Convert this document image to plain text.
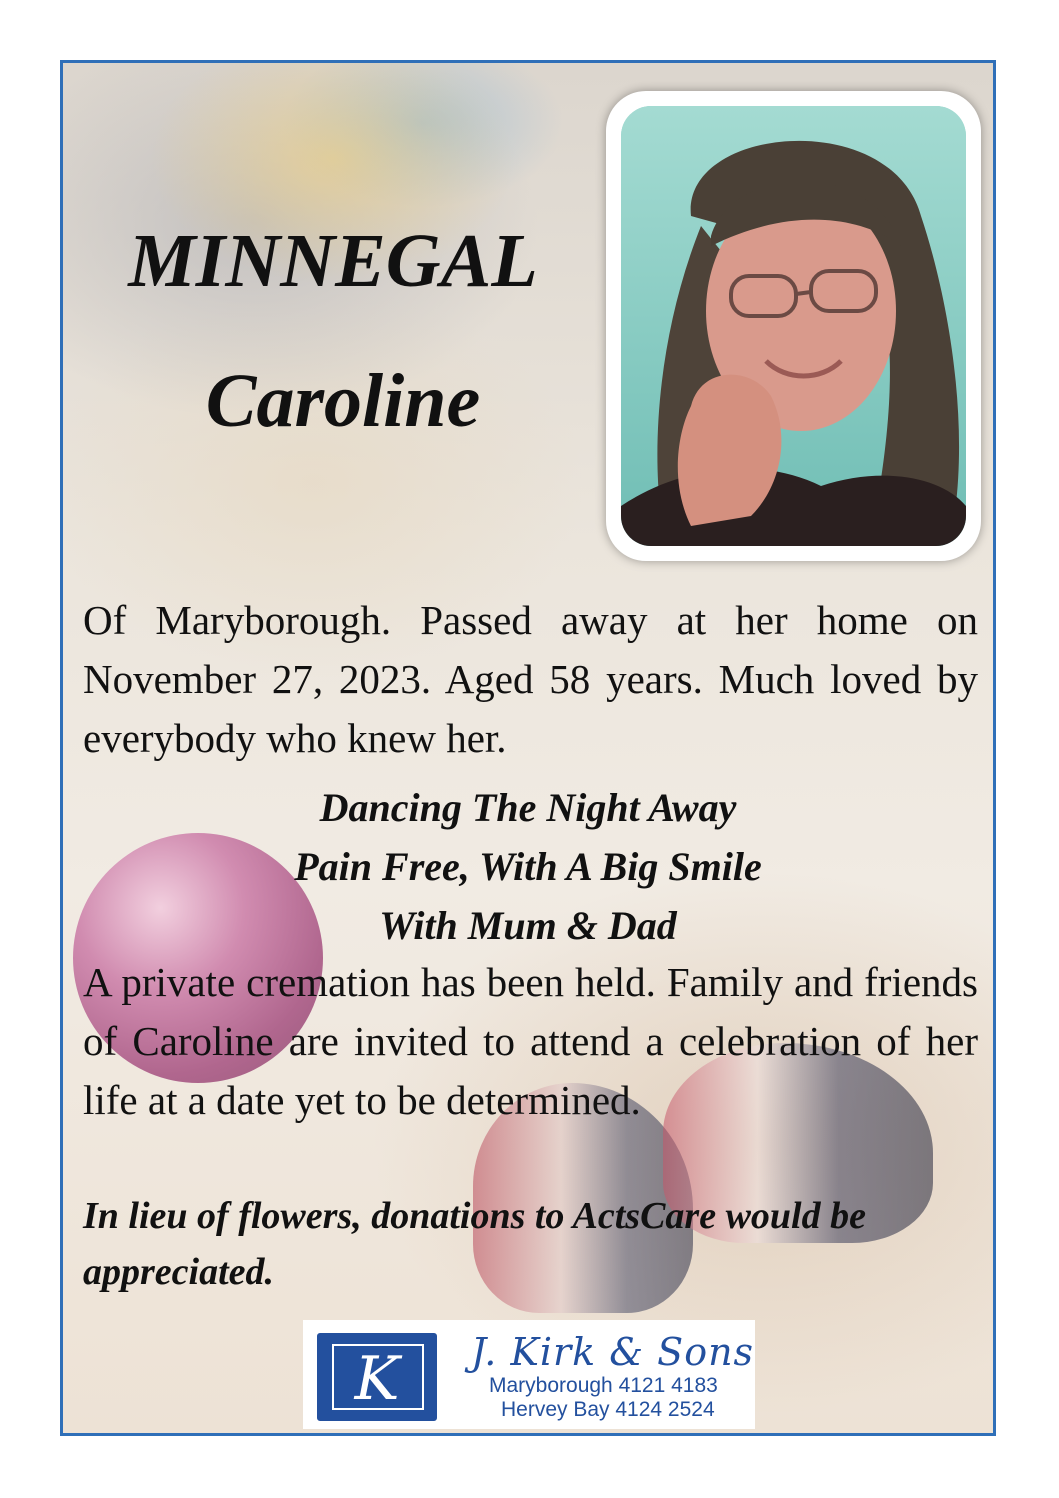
MINNEGAL
Caroline

Of Maryborough. Passed away at her home on November 27, 2023. Aged 58 years. Much loved by everybody who knew her.

Dancing The Night Away

Pain Free, With A Big Smile

With Mum & Dad

A private cremation has been held. Family and friends of Caroline are invited to attend a celebration of her life at a date yet to be determined.

In lieu of flowers, donations to ActsCare would be appreciated.

K J. Kirk & Sons

Maryborough 4121 4183

Hervey Bay 4124 2524
